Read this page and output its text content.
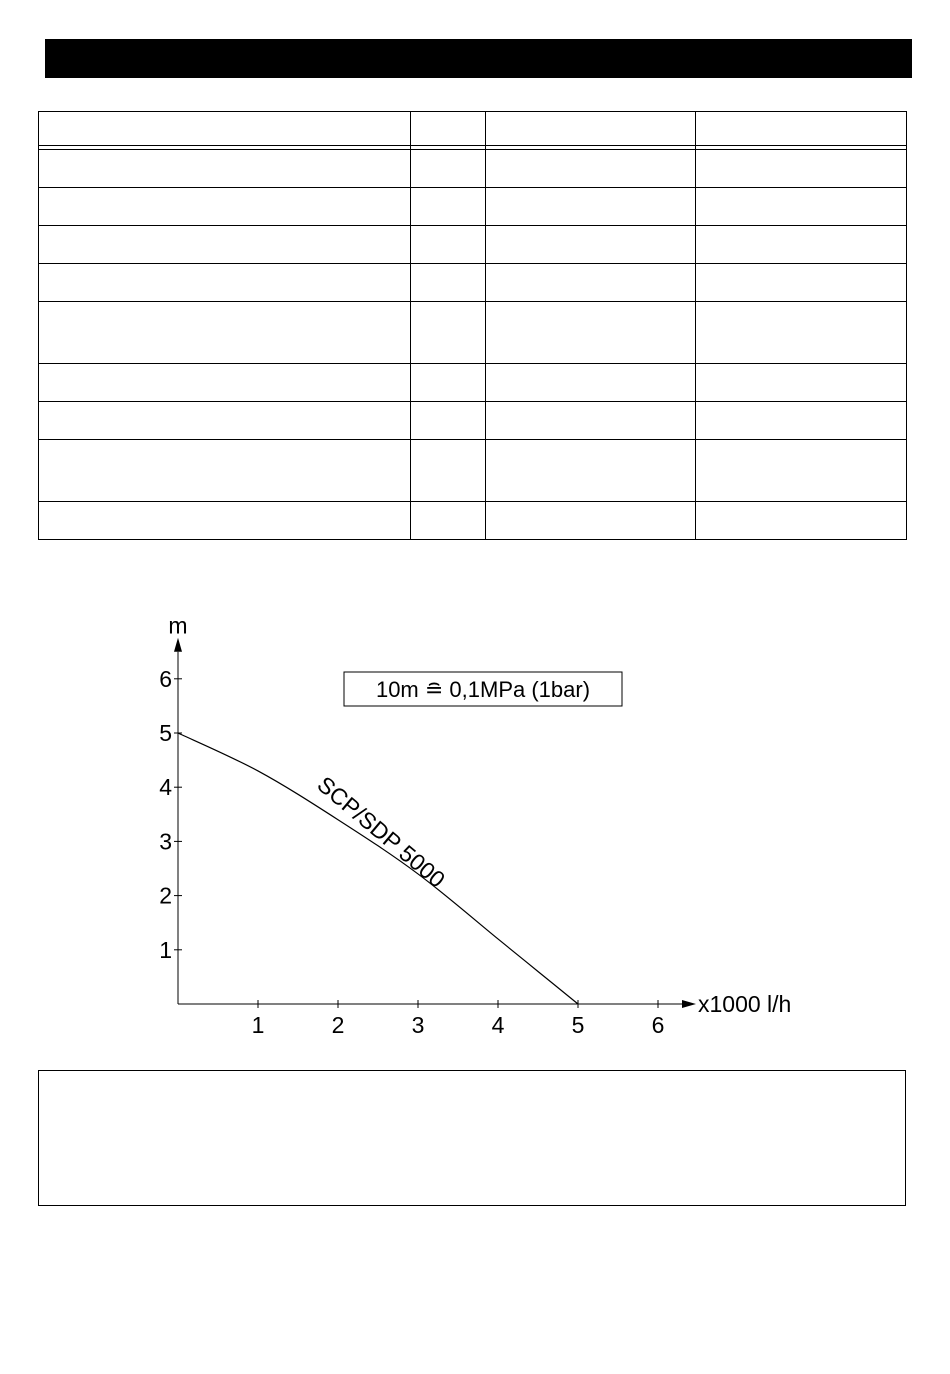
1	2	3	4	5	6
1
2
3
4
5
6
x1000 l/h
m
SCP/SDP 5000
10m ≘ 0,1MPa (1bar)
